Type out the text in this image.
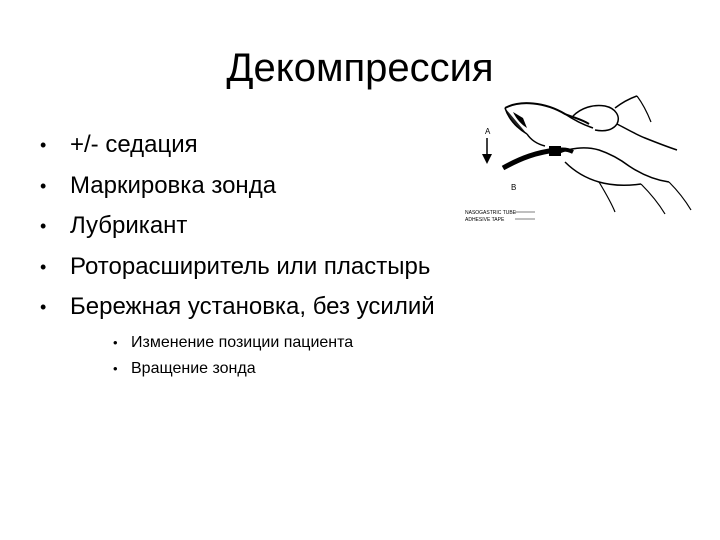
Декомпрессия
• +/- седация
• Маркировка зонда
• Лубрикант
• Роторасширитель или пластырь
• Бережная установка, без усилий
• Изменение позиции пациента
• Вращение зонда
A
B
NASOGASTRIC TUBE
ADHESIVE TAPE
